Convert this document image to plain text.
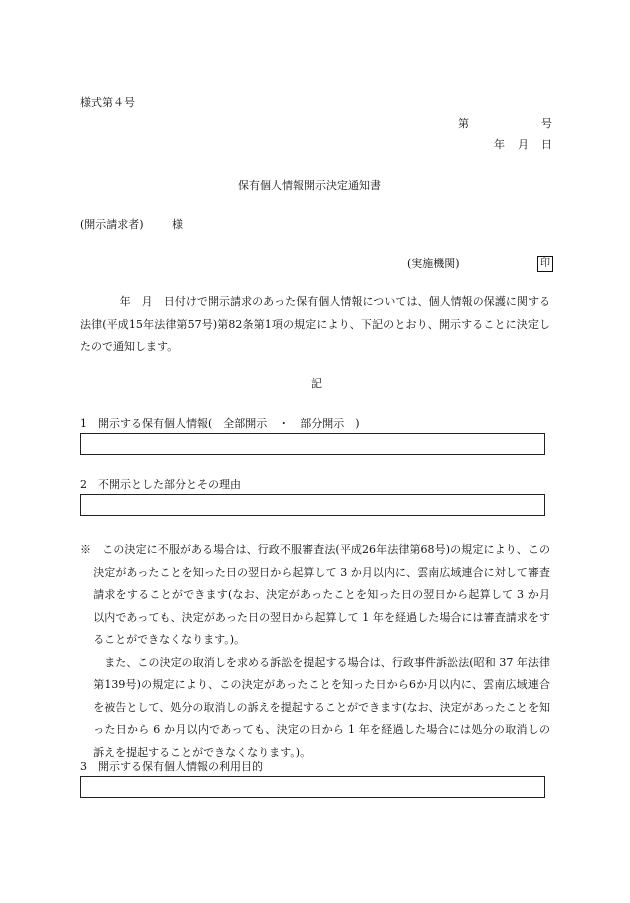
様式第４号
第	号
年 月 日
保有個人情報開示決定通知書
(開示請求者)	様
(実施機関)	印

年　月　日付けで開示請求のあった保有個人情報については、個人情報の保護に関する法律(平成15年法律第57号)第82条第1項の規定により、下記のとおり、開示することに決定したので通知します。

記
1　開示する保有個人情報(　全部開示　・　部分開示　)
2　不開示とした部分とその理由

※　この決定に不服がある場合は、行政不服審査法(平成26年法律第68号)の規定により、この決定があったことを知った日の翌日から起算して 3 か月以内に、雲南広域連合に対して審査請求をすることができます(なお、決定があったことを知った日の翌日から起算して 3 か月以内であっても、決定があった日の翌日から起算して 1 年を経過した場合には審査請求をすることができなくなります。)。

また、この決定の取消しを求める訴訟を提起する場合は、行政事件訴訟法(昭和 37 年法律第139号)の規定により、この決定があったことを知った日から6か月以内に、雲南広域連合を被告として、処分の取消しの訴えを提起することができます(なお、決定があったことを知った日から 6 か月以内であっても、決定の日から 1 年を経過した場合には処分の取消しの訴えを提起することができなくなります。)。

3　開示する保有個人情報の利用目的
